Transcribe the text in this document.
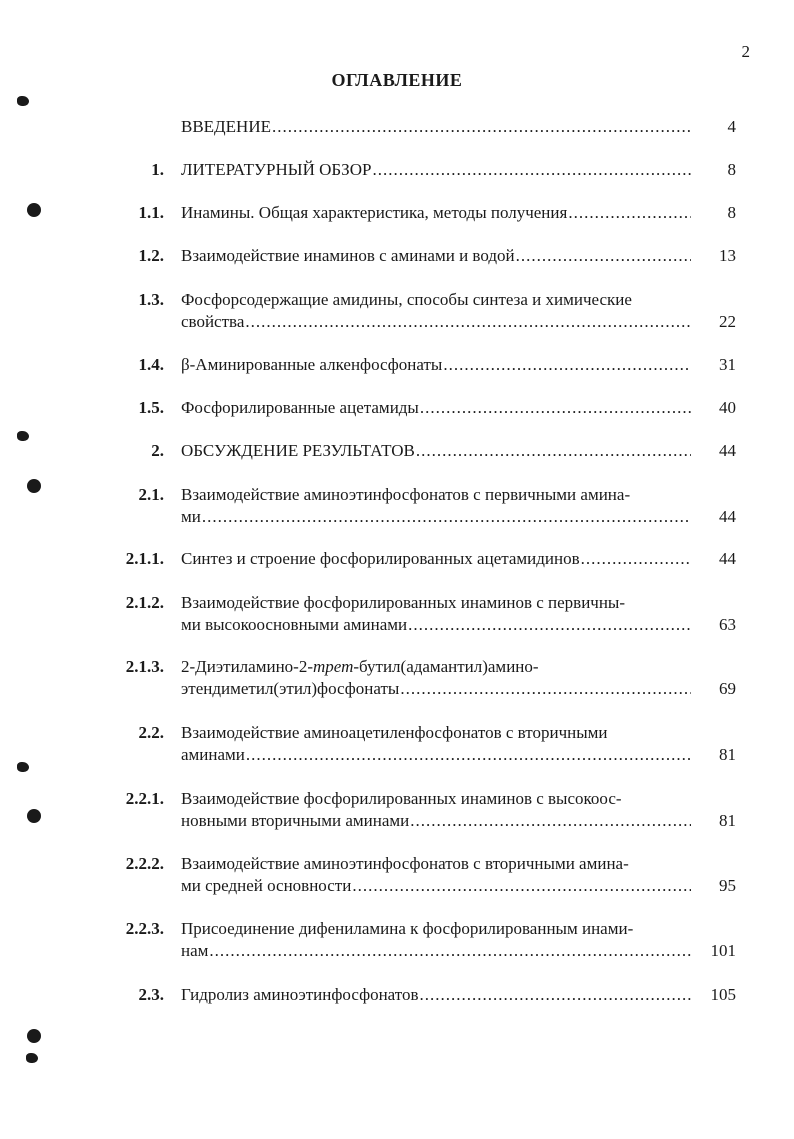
2
ОГЛАВЛЕНИЕ
ВВЕДЕНИЕ .....	4
1. ЛИТЕРАТУРНЫЙ ОБЗОР .....	8
1.1. Инамины. Общая характеристика, методы получения .....	8
1.2. Взаимодействие инаминов с аминами и водой .....	13
1.3. Фосфорсодержащие амидины, способы синтеза и химические
свойства .....	22
1.4. β-Аминированные алкенфосфонаты .....	31
1.5. Фосфорилированные ацетамиды .....	40
2. ОБСУЖДЕНИЕ РЕЗУЛЬТАТОВ .....	44
2.1. Взаимодействие аминоэтинфосфонатов с первичными амина-
ми .....	44
2.1.1. Синтез и строение фосфорилированных ацетамидинов .....	44
2.1.2. Взаимодействие фосфорилированных инаминов с первичны-
ми высокоосновными аминами .....	63
2.1.3. 2-Диэтиламино-2-трет-бутил(адамантил)амино-
этендиметил(этил)фосфонаты .....	69
2.2. Взаимодействие аминоацетиленфосфонатов с вторичными
аминами .....	81
2.2.1. Взаимодействие фосфорилированных инаминов с высокоос-
новными вторичными аминами .....	81
2.2.2. Взаимодействие аминоэтинфосфонатов с вторичными амина-
ми средней основности .....	95
2.2.3. Присоединение дифениламина к фосфорилированным инами-
нам .....	101
2.3. Гидролиз аминоэтинфосфонатов .....	105
